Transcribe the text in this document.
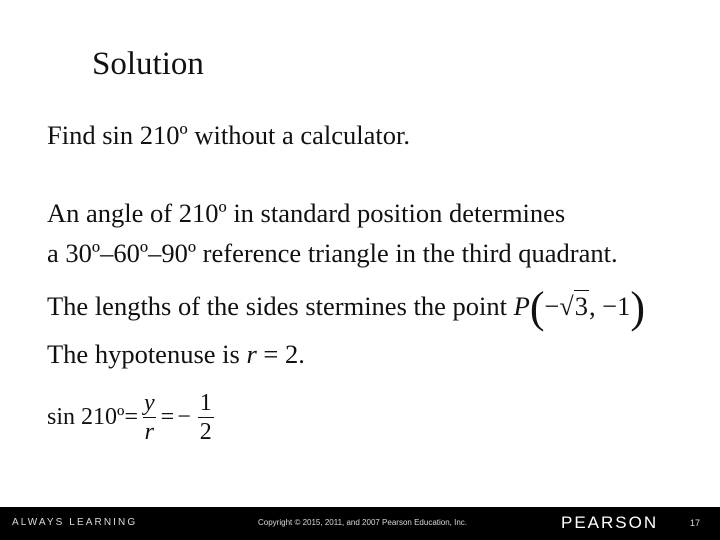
Solution
Find sin 210º without a calculator.
An angle of 210º in standard position determines
a 30º–60º–90º reference triangle in the third quadrant.
The lengths of the sides stermines the point P(−√3, −1)
The hypotenuse is r = 2.
sin 210º = $\frac{y}{r}$ = − $\frac{1}{2}$
ALWAYS LEARNING	Copyright © 2015, 2011, and 2007 Pearson Education, Inc.	PEARSON	17
